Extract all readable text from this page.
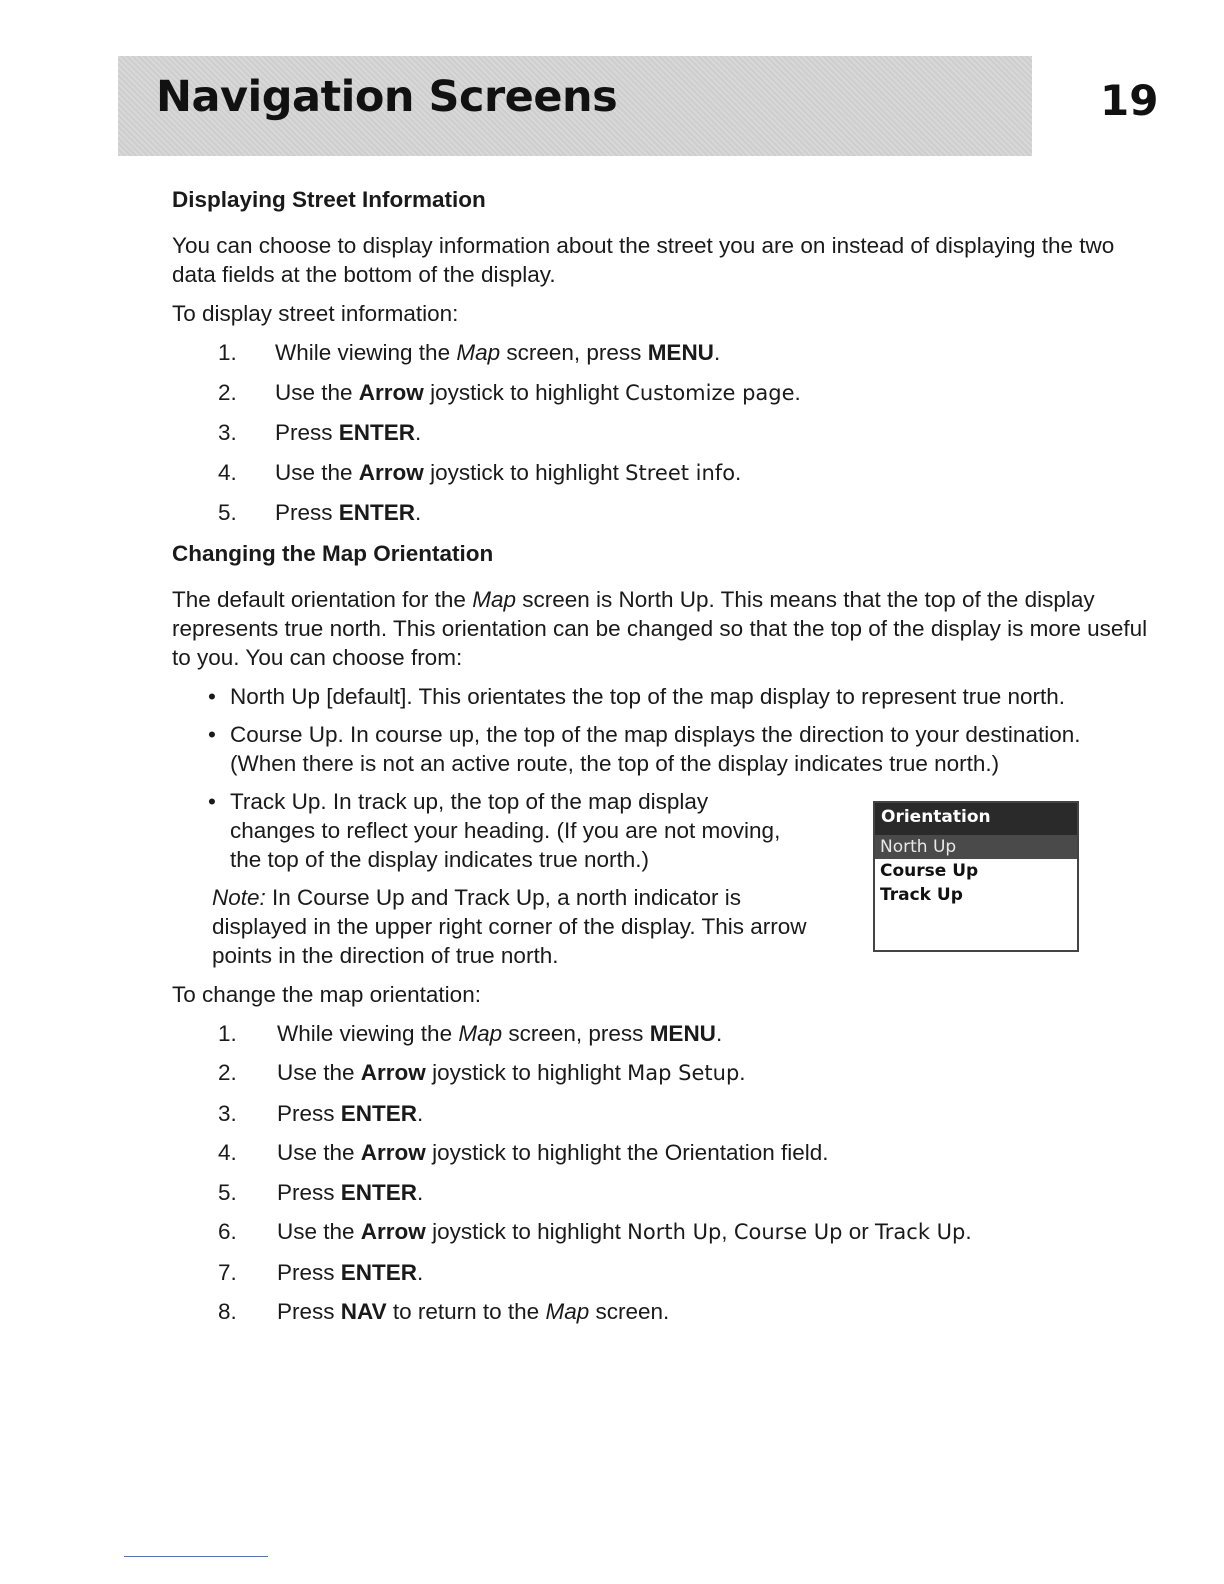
Navigation Screens	19
Displaying Street Information

You can choose to display information about the street you are on instead of displaying the two data fields at the bottom of the display.

To display street information:

1.	While viewing the Map screen, press MENU.
2.	Use the Arrow joystick to highlight Customize page.
3.	Press ENTER.
4.	Use the Arrow joystick to highlight Street info.
5.	Press ENTER.
Changing the Map Orientation

The default orientation for the Map screen is North Up. This means that the top of the display represents true north. This orientation can be changed so that the top of the display is more useful to you. You can choose from:

• North Up [default]. This orientates the top of the map display to represent true north.
• Course Up. In course up, the top of the map displays the direction to your destination. (When there is not an active route, the top of the display indicates true north.)
• Track Up. In track up, the top of the map display changes to reflect your heading. (If you are not moving, the top of the display indicates true north.)

Note: In Course Up and Track Up, a north indicator is displayed in the upper right corner of the display. This arrow points in the direction of true north.

To change the map orientation:

1.	While viewing the Map screen, press MENU.
2.	Use the Arrow joystick to highlight Map Setup.
3.	Press ENTER.
4.	Use the Arrow joystick to highlight the Orientation field.
5.	Press ENTER.
6.	Use the Arrow joystick to highlight North Up, Course Up or Track Up.
7.	Press ENTER.
8.	Press NAV to return to the Map screen.
Orientation
North Up
Course Up
Track Up
